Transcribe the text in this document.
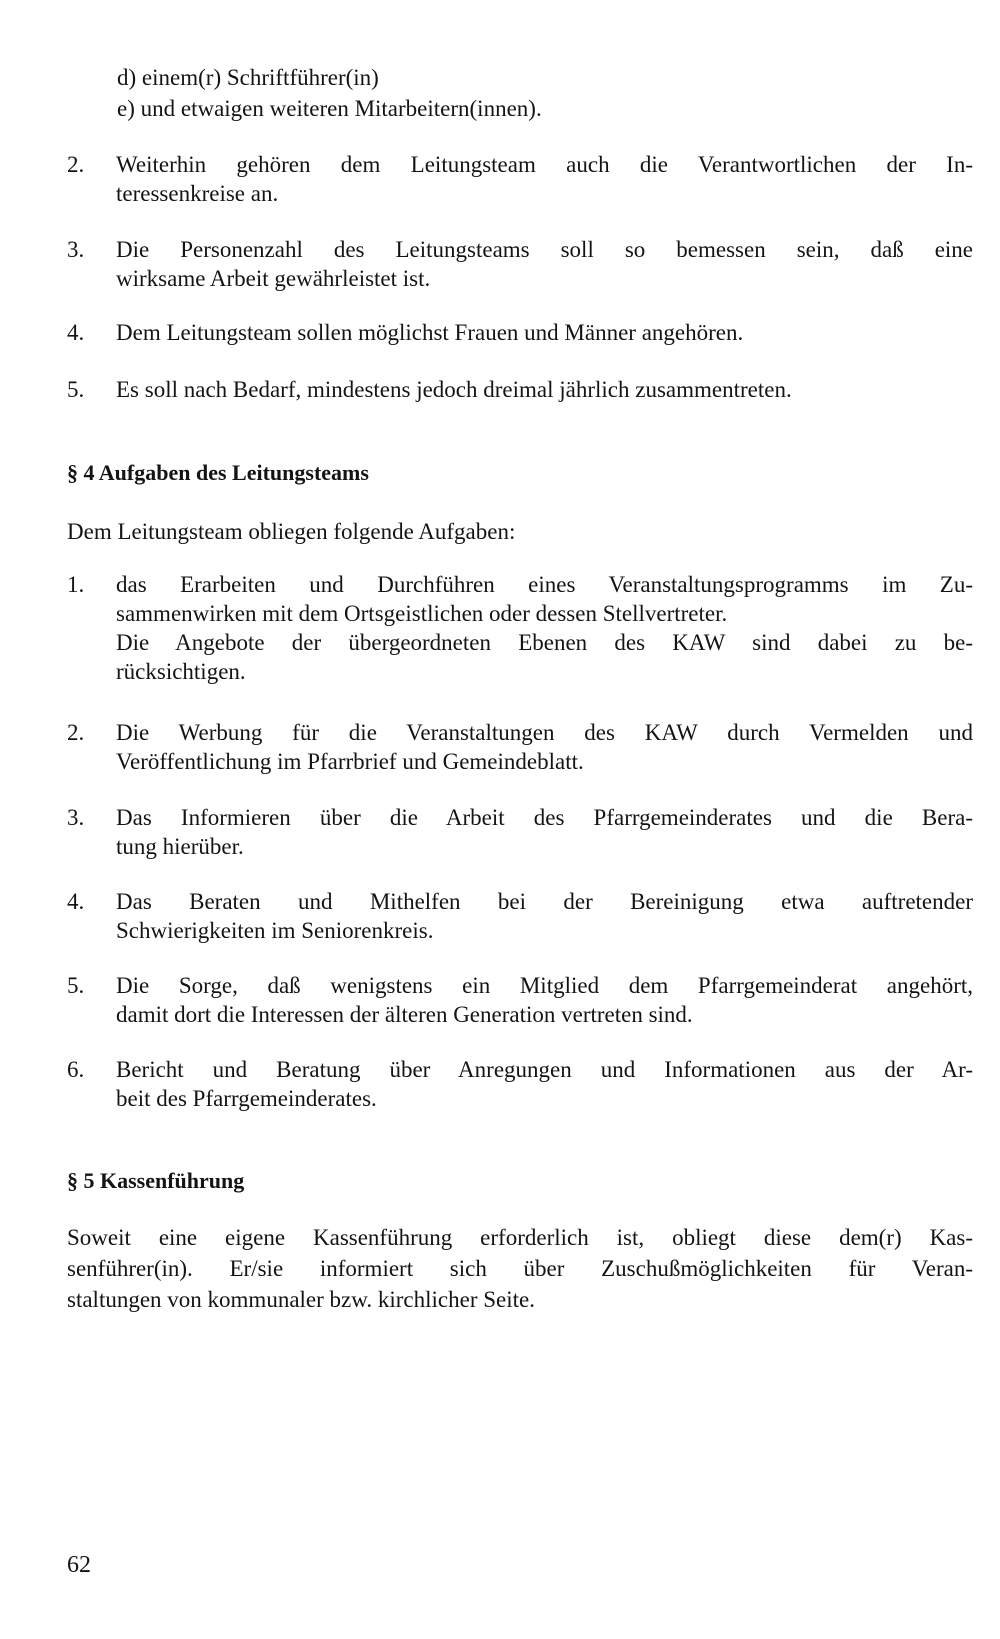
d) einem(r) Schriftführer(in)
e) und etwaigen weiteren Mitarbeitern(innen).
2. Weiterhin gehören dem Leitungsteam auch die Verantwortlichen der In-
teressenkreise an.
3. Die Personenzahl des Leitungsteams soll so bemessen sein, daß eine
wirksame Arbeit gewährleistet ist.
4. Dem Leitungsteam sollen möglichst Frauen und Männer angehören.
5. Es soll nach Bedarf, mindestens jedoch dreimal jährlich zusammentreten.
§ 4 Aufgaben des Leitungsteams
Dem Leitungsteam obliegen folgende Aufgaben:
1. das Erarbeiten und Durchführen eines Veranstaltungsprogramms im Zu-
sammenwirken mit dem Ortsgeistlichen oder dessen Stellvertreter.
Die Angebote der übergeordneten Ebenen des KAW sind dabei zu be-
rücksichtigen.
2. Die Werbung für die Veranstaltungen des KAW durch Vermelden und
Veröffentlichung im Pfarrbrief und Gemeindeblatt.
3. Das Informieren über die Arbeit des Pfarrgemeinderates und die Bera-
tung hierüber.
4. Das Beraten und Mithelfen bei der Bereinigung etwa auftretender
Schwierigkeiten im Seniorenkreis.
5. Die Sorge, daß wenigstens ein Mitglied dem Pfarrgemeinderat angehört,
damit dort die Interessen der älteren Generation vertreten sind.
6. Bericht und Beratung über Anregungen und Informationen aus der Ar-
beit des Pfarrgemeinderates.
§ 5 Kassenführung
Soweit eine eigene Kassenführung erforderlich ist, obliegt diese dem(r) Kas-
senführer(in). Er/sie informiert sich über Zuschußmöglichkeiten für Veran-
staltungen von kommunaler bzw. kirchlicher Seite.
62
